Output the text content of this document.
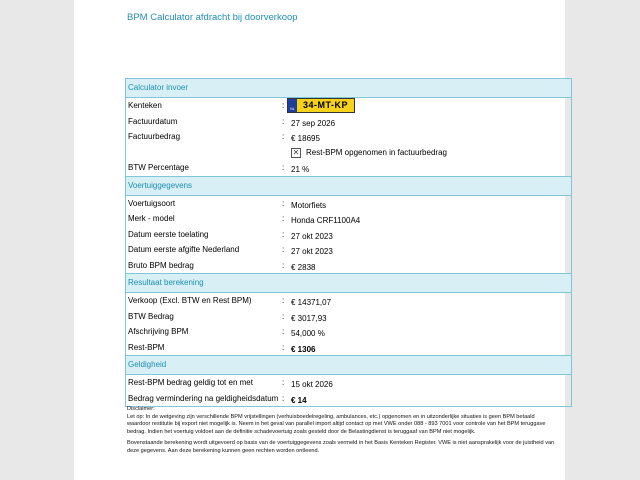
BPM Calculator afdracht bij doorverkoop
Calculator invoer
Kenteken	:	NL 34-MT-KP
Factuurdatum	: 27 sep 2026
Factuurbedrag	: € 18695
✕ Rest-BPM opgenomen in factuurbedrag
BTW Percentage	: 21 %
Voertuiggegevens
Voertuigsoort	: Motorfiets
Merk - model	: Honda CRF1100A4
Datum eerste toelating	: 27 okt 2023
Datum eerste afgifte Nederland	: 27 okt 2023
Bruto BPM bedrag	: € 2838
Resultaat berekening
Verkoop (Excl. BTW en Rest BPM)	: € 14371,07
BTW Bedrag	: € 3017,93
Afschrijving BPM	: 54,000 %
Rest-BPM	: € 1306
Geldigheid
Rest-BPM bedrag geldig tot en met	: 15 okt 2026
Bedrag vermindering na geldigheidsdatum : € 14

Disclaimer:

Let op: In de wetgeving zijn verschillende BPM vrijstellingen (verhuisboedelregeling, ambulances, etc.) opgenomen en in uitzonderlijke situaties is geen BPM betaald waardoor restitutie bij export niet mogelijk is. Neem in het geval van parallel import altijd contact op met VWE onder 088 - 893 7001 voor controle van het BPM teruggave bedrag. Indien het voertuig voldoet aan de definitie schadevoertuig zoals gesteld door de Belastingdienst is teruggaaf van BPM niet mogelijk.

Bovenstaande berekening wordt uitgevoerd op basis van de voertuiggegevens zoals vermeld in het Basis Kenteken Register. VWE is niet aansprakelijk voor de juistheid van deze gegevens. Aan deze berekening kunnen geen rechten worden ontleend.
